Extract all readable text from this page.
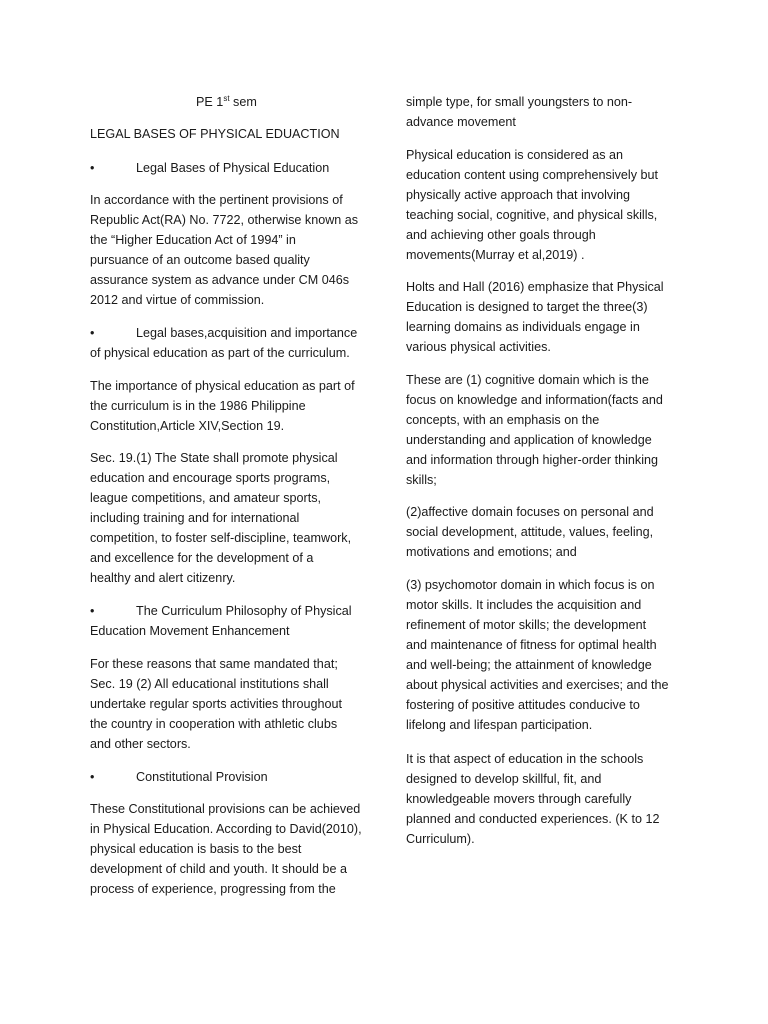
PE 1st sem
LEGAL BASES OF PHYSICAL EDUACTION
•	Legal Bases of Physical Education
In accordance with the pertinent provisions of
Republic Act(RA) No. 7722, otherwise known as
the “Higher Education Act of 1994” in
pursuance of an outcome based quality
assurance system as advance under CM 046s
2012 and virtue of commission.
•	Legal bases,acquisition and importance
of physical education as part of the curriculum.
The importance of physical education as part of
the curriculum is in the 1986 Philippine
Constitution,Article XIV,Section 19.
Sec. 19.(1) The State shall promote physical
education and encourage sports programs,
league competitions, and amateur sports,
including training and for international
competition, to foster self-discipline, teamwork,
and excellence for the development of a
healthy and alert citizenry.
•	The Curriculum Philosophy of Physical
Education Movement Enhancement
For these reasons that same mandated that;
Sec. 19 (2) All educational institutions shall
undertake regular sports activities throughout
the country in cooperation with athletic clubs
and other sectors.
•	Constitutional Provision
These Constitutional provisions can be achieved
in Physical Education. According to David(2010),
physical education is basis to the best
development of child and youth. It should be a
process of experience, progressing from the
simple type, for small youngsters to non-
advance movement
Physical education is considered as an
education content using comprehensively but
physically active approach that involving
teaching social, cognitive, and physical skills,
and achieving other goals through
movements(Murray et al,2019) .
Holts and Hall (2016) emphasize that Physical
Education is designed to target the three(3)
learning domains as individuals engage in
various physical activities.
These are (1) cognitive domain which is the
focus on knowledge and information(facts and
concepts, with an emphasis on the
understanding and application of knowledge
and information through higher-order thinking
skills;
(2)affective domain focuses on personal and
social development, attitude, values, feeling,
motivations and emotions; and
(3) psychomotor domain in which focus is on
motor skills. It includes the acquisition and
refinement of motor skills; the development
and maintenance of fitness for optimal health
and well-being; the attainment of knowledge
about physical activities and exercises; and the
fostering of positive attitudes conducive to
lifelong and lifespan participation.
It is that aspect of education in the schools
designed to develop skillful, fit, and
knowledgeable movers through carefully
planned and conducted experiences. (K to 12
Curriculum).
